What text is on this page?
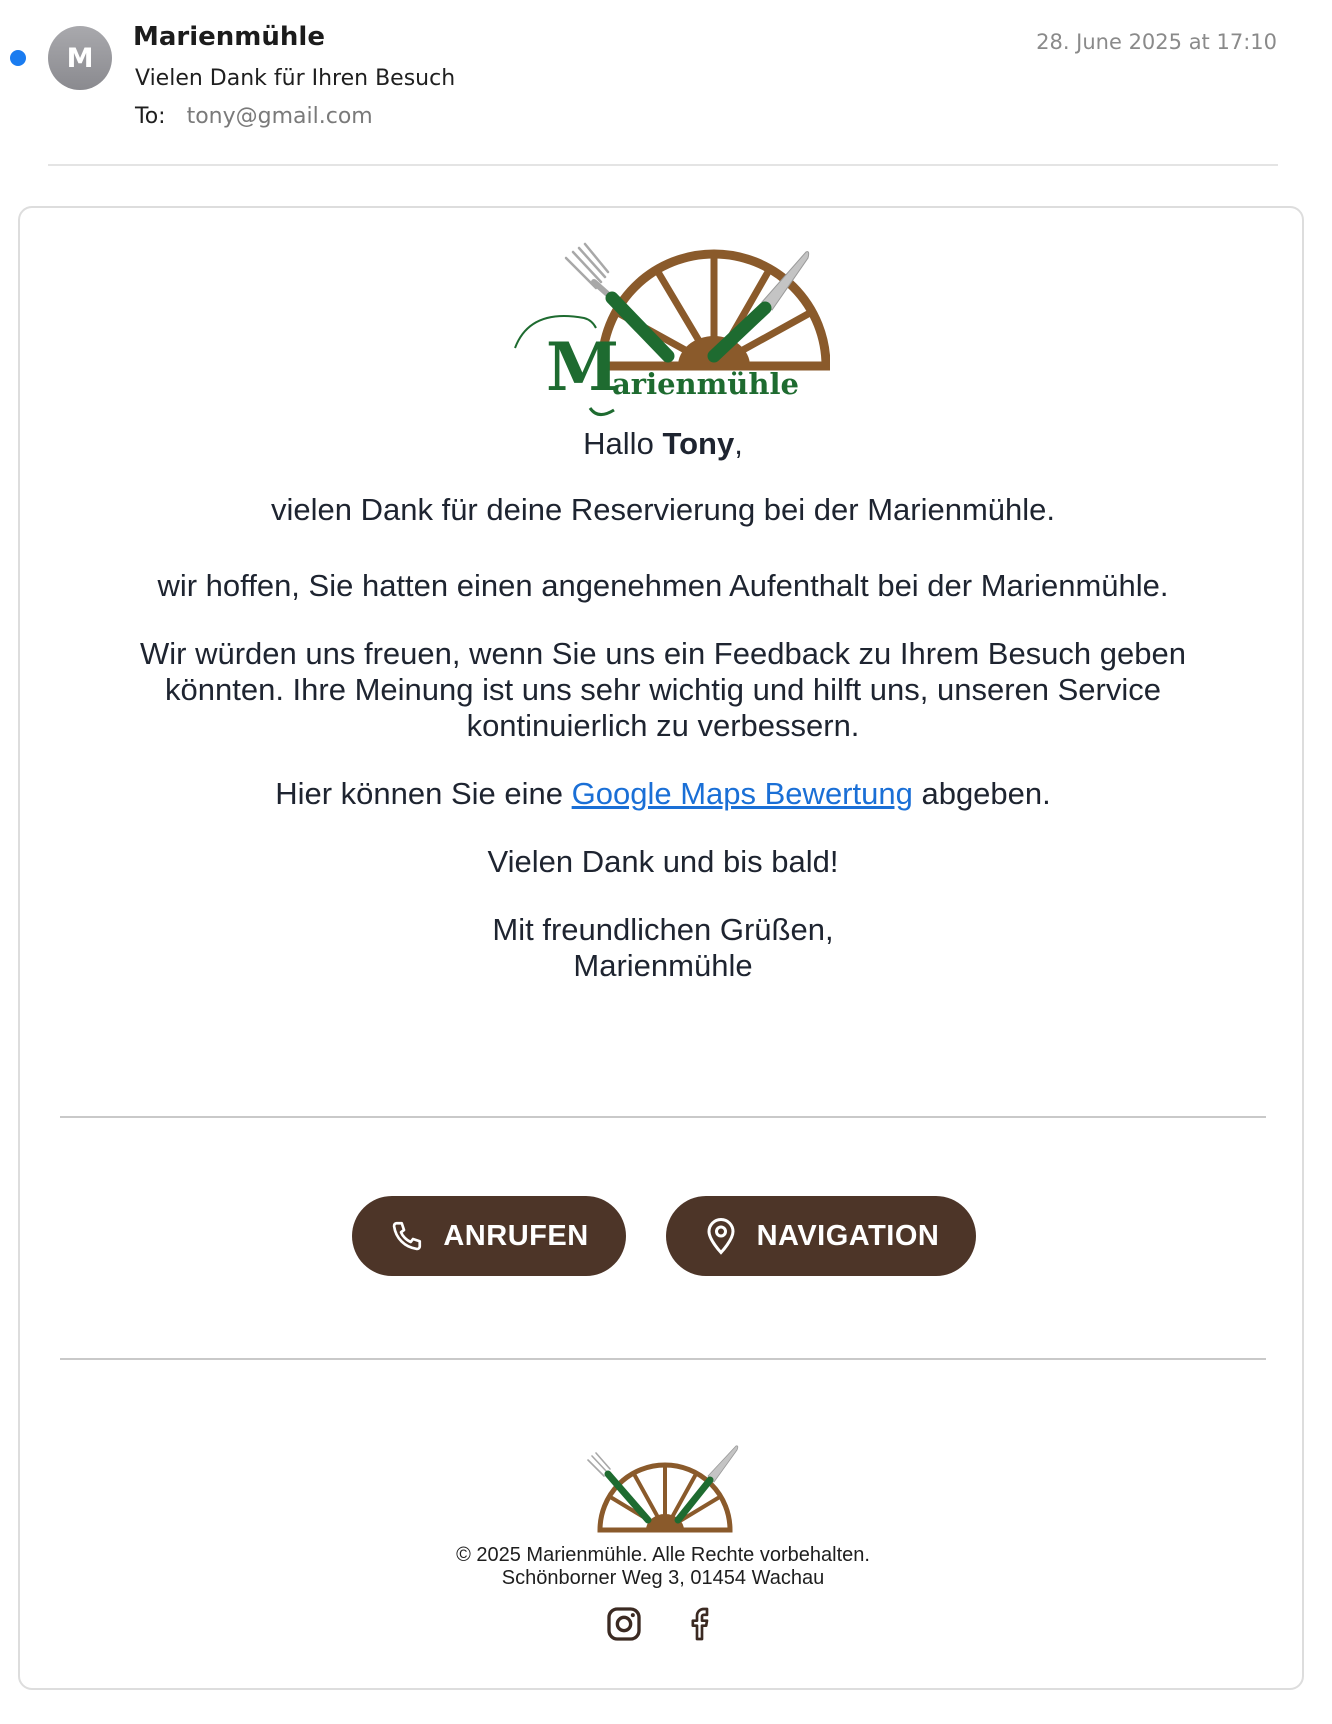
M
Marienmühle
Vielen Dank für Ihren Besuch
To: tony@gmail.com
28. June 2025 at 17:10
M
arienmühle
Hallo Tony,
vielen Dank für deine Reservierung bei der Marienmühle.
wir hoffen, Sie hatten einen angenehmen Aufenthalt bei der Marienmühle.
Wir würden uns freuen, wenn Sie uns ein Feedback zu Ihrem Besuch geben könnten. Ihre Meinung ist uns sehr wichtig und hilft uns, unseren Service kontinuierlich zu verbessern.
Hier können Sie eine Google Maps Bewertung abgeben.
Vielen Dank und bis bald!
Mit freundlichen Grüßen,
Marienmühle
ANRUFEN	NAVIGATION
© 2025 Marienmühle. Alle Rechte vorbehalten.
Schönborner Weg 3, 01454 Wachau
